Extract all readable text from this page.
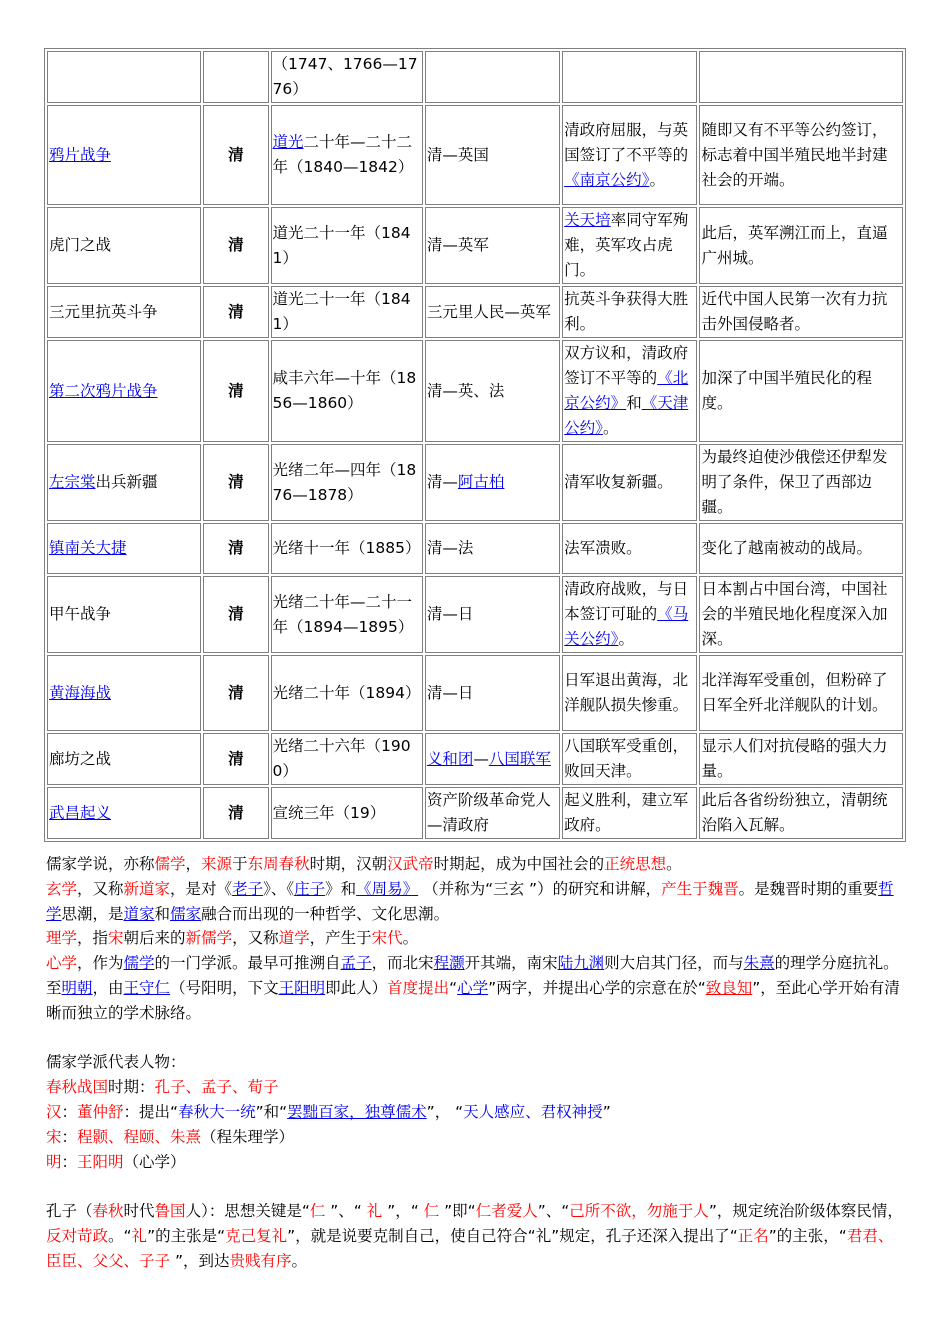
		（1747、1766—1776）			
鸦片战争	清	道光二十年—二十二年（1840—1842）	清—英国	清政府屈服，与英国签订了不平等的《南京公约》。	随即又有不平等公约签订，标志着中国半殖民地半封建社会的开端。
虎门之战	清	道光二十一年（1841）	清—英军	关天培率同守军殉难，英军攻占虎门。	此后，英军溯江而上，直逼广州城。
三元里抗英斗争	清	道光二十一年（1841）	三元里人民—英军	抗英斗争获得大胜利。	近代中国人民第一次有力抗击外国侵略者。
第二次鸦片战争	清	咸丰六年—十年（1856—1860）	清—英、法	双方议和，清政府签订不平等的《北京公约》和《天津公约》。	加深了中国半殖民化的程度。
左宗棠出兵新疆	清	光绪二年—四年（1876—1878）	清—阿古柏	清军收复新疆。	为最终迫使沙俄偿还伊犁发明了条件，保卫了西部边疆。
镇南关大捷	清	光绪十一年（1885）	清—法	法军溃败。	变化了越南被动的战局。
甲午战争	清	光绪二十年—二十一年（1894—1895）	清—日	清政府战败，与日本签订可耻的《马关公约》。	日本割占中国台湾，中国社会的半殖民地化程度深入加深。
黄海海战	清	光绪二十年（1894）	清—日	日军退出黄海，北洋舰队损失惨重。	北洋海军受重创，但粉碎了日军全歼北洋舰队的计划。
廊坊之战	清	光绪二十六年（1900）	义和团—八国联军	八国联军受重创，败回天津。	显示人们对抗侵略的强大力量。
武昌起义	清	宣统三年（19）	资产阶级革命党人—清政府	起义胜利，建立军政府。	此后各省纷纷独立，清朝统治陷入瓦解。

儒家学说，亦称儒学，来源于东周春秋时期，汉朝汉武帝时期起，成为中国社会的正统思想。

玄学，又称新道家，是对《老子》、《庄子》和《周易》 （并称为“三玄 ”）的研究和讲解，产生于魏晋。是魏晋时期的重要哲学思潮，是道家和儒家融合而出现的一种哲学、文化思潮。

理学，指宋朝后来的新儒学，又称道学，产生于宋代。

心学，作为儒学的一门学派。最早可推溯自孟子，而北宋程灏开其端，南宋陆九渊则大启其门径，而与朱熹的理学分庭抗礼。至明朝，由王守仁（号阳明，下文王阳明即此人）首度提出“心学”两字，并提出心学的宗意在於“致良知”，至此心学开始有清晰而独立的学术脉络。

儒家学派代表人物：

春秋战国时期：孔子、孟子、荀子

汉：董仲舒：提出“春秋大一统”和“罢黜百家，独尊儒术”， “天人感应、君权神授”

宋：程颢、程颐、朱熹（程朱理学）

明：王阳明（心学）

孔子（春秋时代鲁国人）：思想关键是“仁 ”、“ 礼 ”，“ 仁 ”即“仁者爱人”、“己所不欲，勿施于人”，规定统治阶级体察民情，反对苛政。“礼”的主张是“克己复礼”，就是说要克制自己，使自己符合“礼”规定，孔子还深入提出了“正名”的主张，“君君、臣臣、父父、子子 ”，到达贵贱有序。
